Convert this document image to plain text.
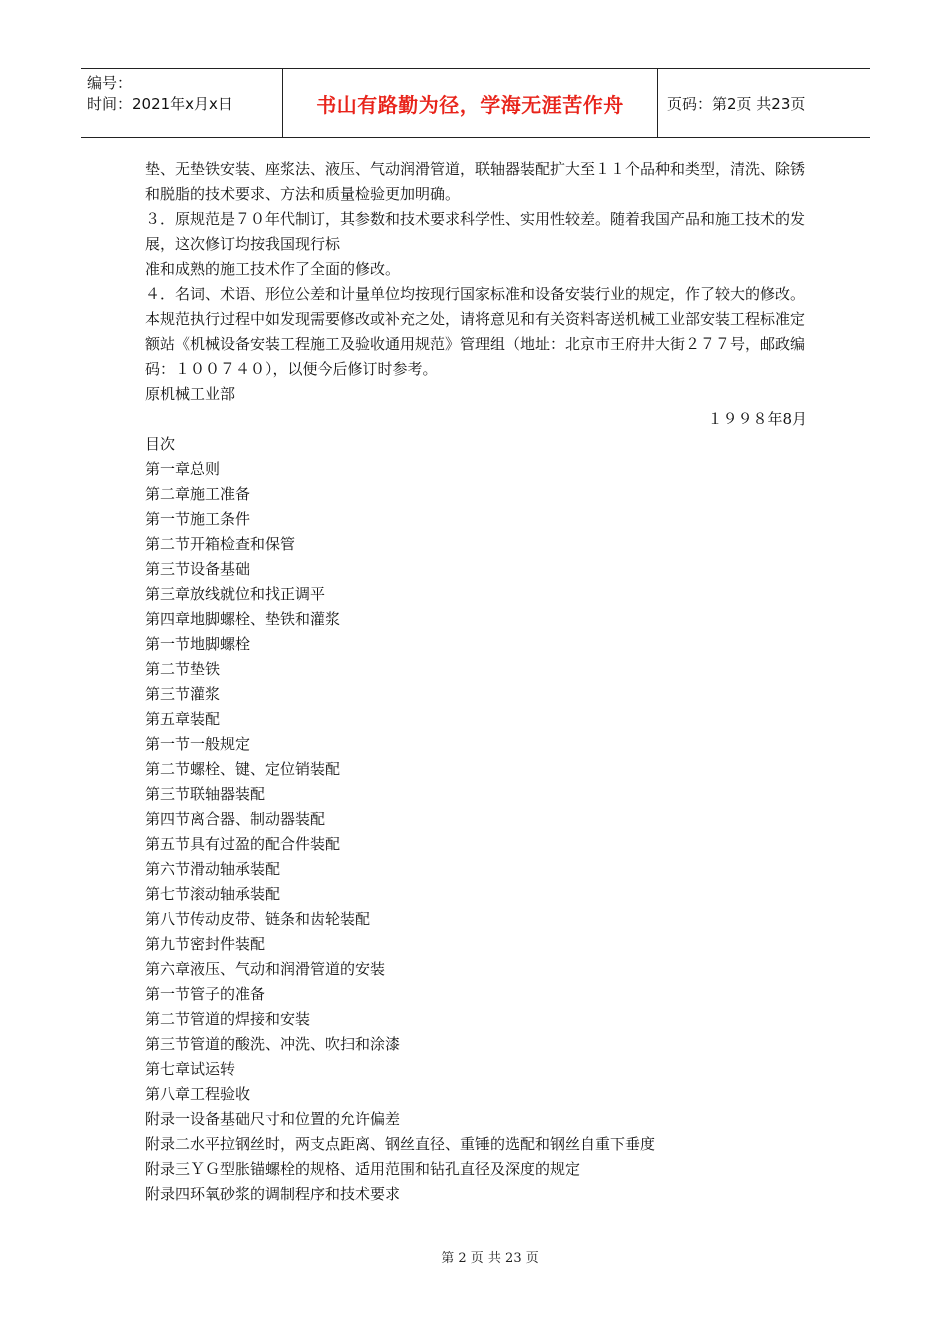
编号：
时间：2021年x月x日	书山有路勤为径，学海无涯苦作舟	页码：第2页 共23页

垫、无垫铁安装、座浆法、液压、气动润滑管道，联轴器装配扩大至１１个品种和类型，清洗、除锈和脱脂的技术要求、方法和质量检验更加明确。

３．原规范是７０年代制订，其参数和技术要求科学性、实用性较差。随着我国产品和施工技术的发展，这次修订均按我国现行标

准和成熟的施工技术作了全面的修改。

４．名词、术语、形位公差和计量单位均按现行国家标准和设备安装行业的规定，作了较大的修改。

本规范执行过程中如发现需要修改或补充之处，请将意见和有关资料寄送机械工业部安装工程标准定额站《机械设备安装工程施工及验收通用规范》管理组（地址：北京市王府井大街２７７号，邮政编码：１００７４０），以便今后修订时参考。

原机械工业部

１９９８年8月

目次

第一章总则

第二章施工准备

第一节施工条件

第二节开箱检查和保管

第三节设备基础

第三章放线就位和找正调平

第四章地脚螺栓、垫铁和灌浆

第一节地脚螺栓

第二节垫铁

第三节灌浆

第五章装配

第一节一般规定

第二节螺栓、键、定位销装配

第三节联轴器装配

第四节离合器、制动器装配

第五节具有过盈的配合件装配

第六节滑动轴承装配

第七节滚动轴承装配

第八节传动皮带、链条和齿轮装配

第九节密封件装配

第六章液压、气动和润滑管道的安装

第一节管子的准备

第二节管道的焊接和安装

第三节管道的酸洗、冲洗、吹扫和涂漆

第七章试运转

第八章工程验收

附录一设备基础尺寸和位置的允许偏差

附录二水平拉钢丝时，两支点距离、钢丝直径、重锤的选配和钢丝自重下垂度

附录三ＹＧ型胀锚螺栓的规格、适用范围和钻孔直径及深度的规定

附录四环氧砂浆的调制程序和技术要求

第 2 页 共 23 页
